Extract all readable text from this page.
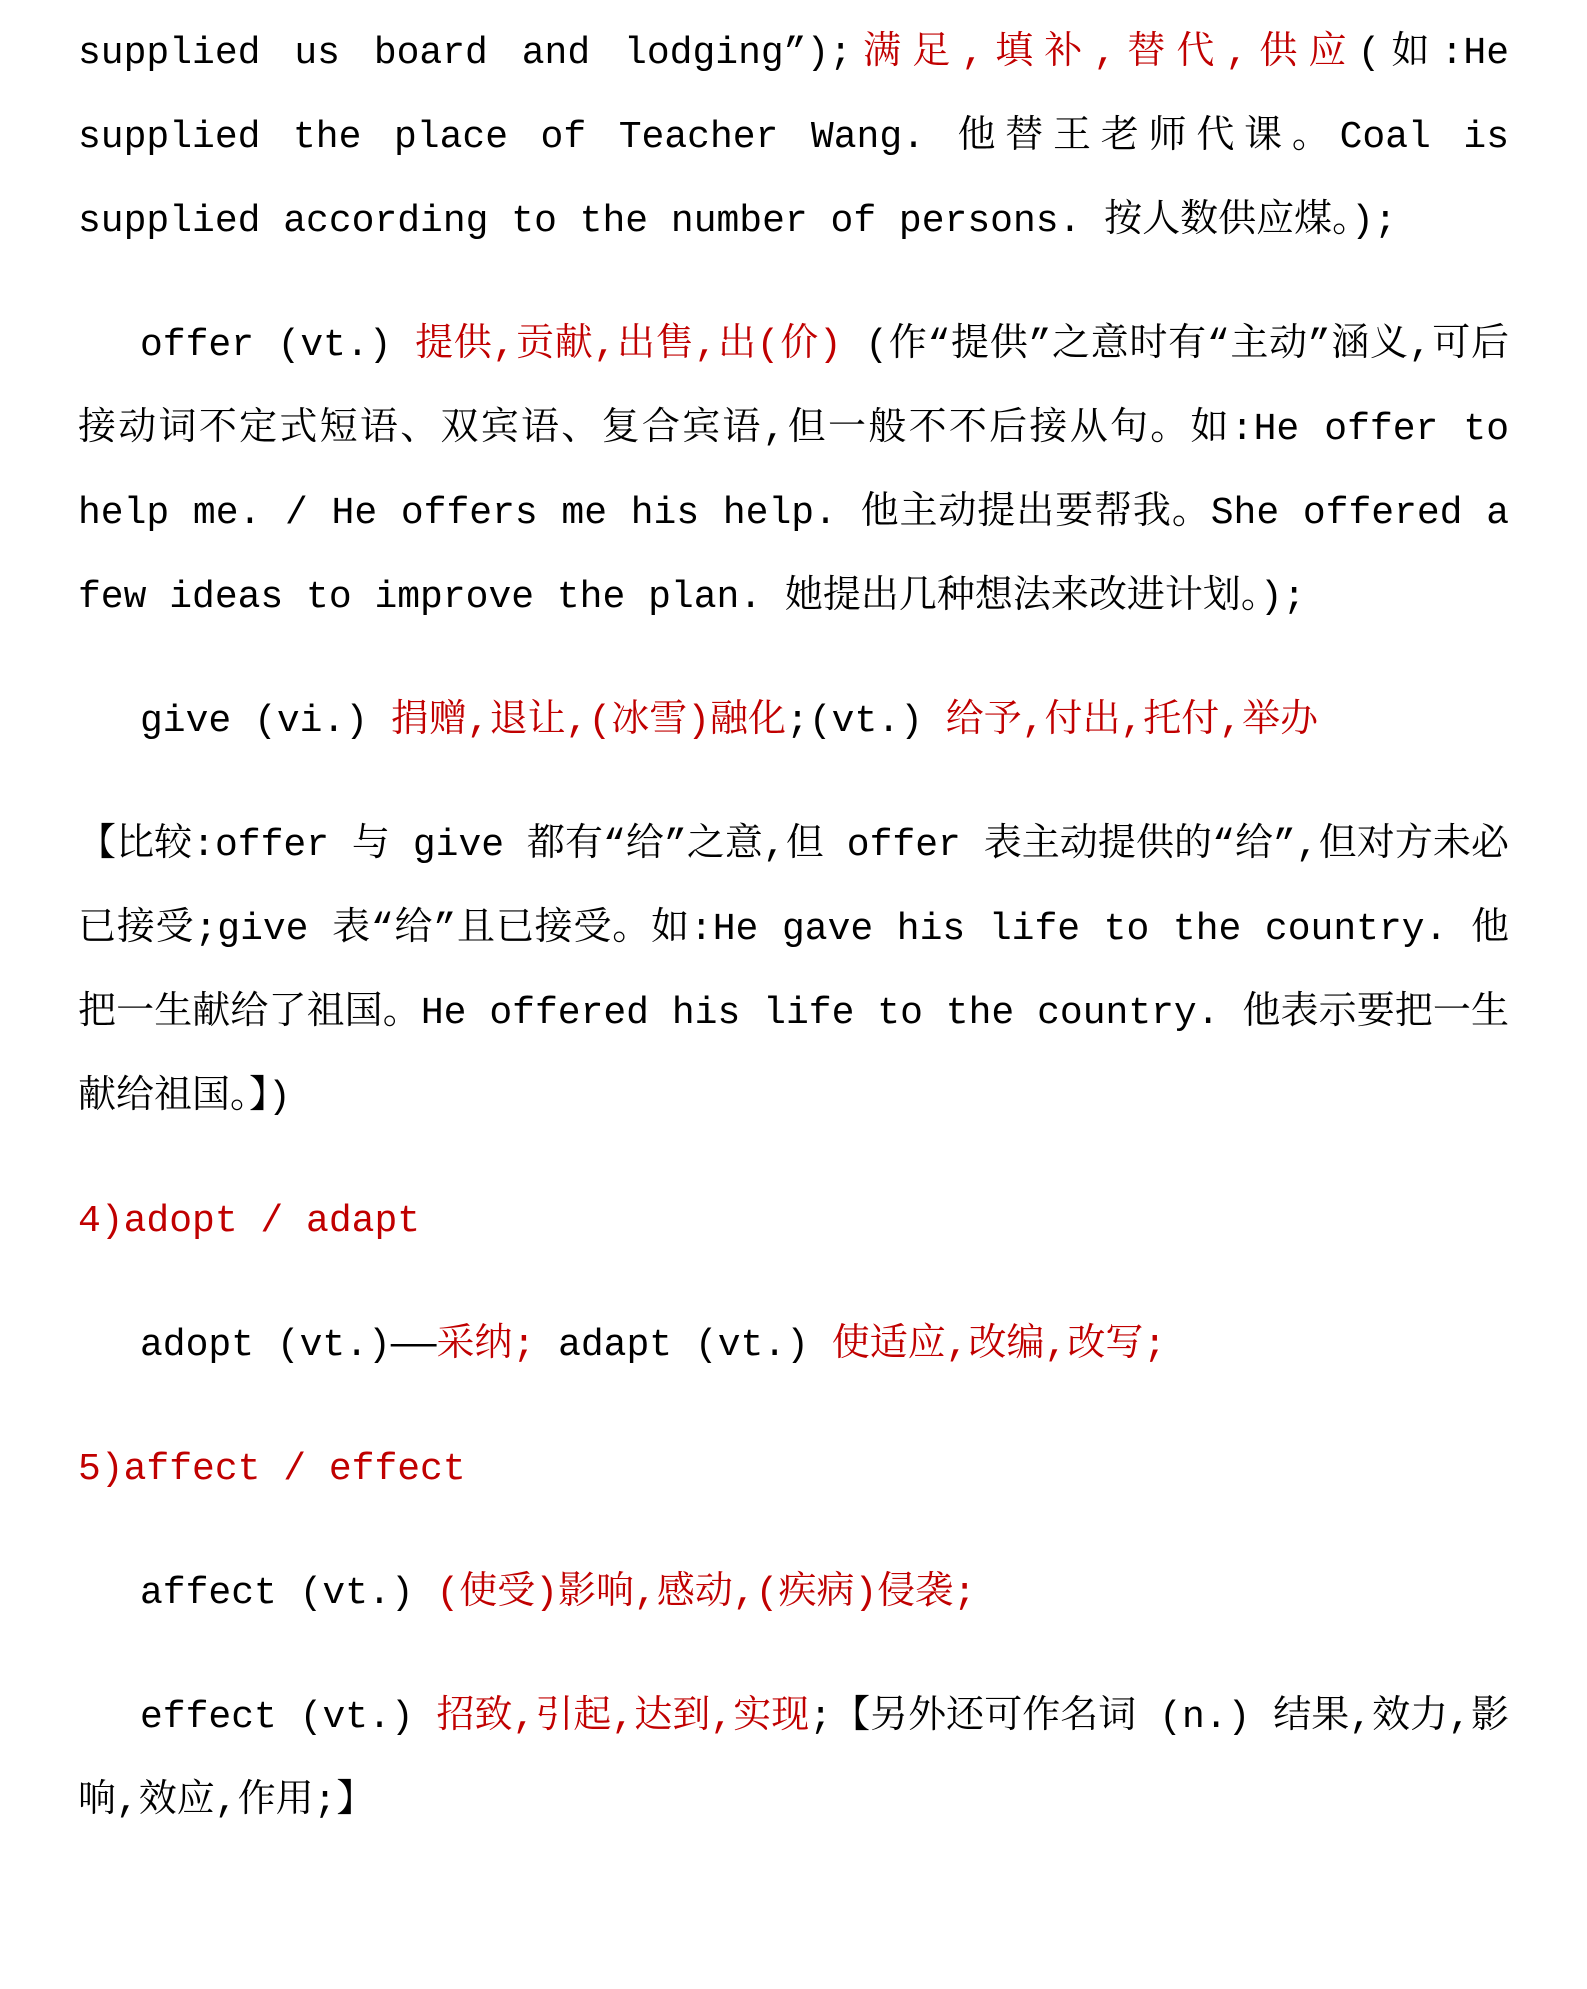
supplied us board and lodging”);满足,填补,替代,供应(如:He supplied the place of Teacher Wang. 他替王老师代课。Coal is supplied according to the number of persons. 按人数供应煤。);

offer (vt.) 提供,贡献,出售,出(价) (作“提供”之意时有“主动”涵义,可后接动词不定式短语、双宾语、复合宾语,但一般不不后接从句。如:He offer to help me. / He offers me his help. 他主动提出要帮我。She offered a few ideas to improve the plan. 她提出几种想法来改进计划。);

give (vi.) 捐赠,退让,(冰雪)融化;(vt.) 给予,付出,托付,举办

【比较:offer 与 give 都有“给”之意,但 offer 表主动提供的“给”,但对方未必已接受;give 表“给”且已接受。如:He gave his life to the country. 他把一生献给了祖国。He offered his life to the country. 他表示要把一生献给祖国。】)

4)adopt / adapt

adopt (vt.)——采纳; adapt (vt.) 使适应,改编,改写;

5)affect / effect

affect (vt.) (使受)影响,感动,(疾病)侵袭;

effect (vt.) 招致,引起,达到,实现;【另外还可作名词 (n.) 结果,效力,影响,效应,作用;】
